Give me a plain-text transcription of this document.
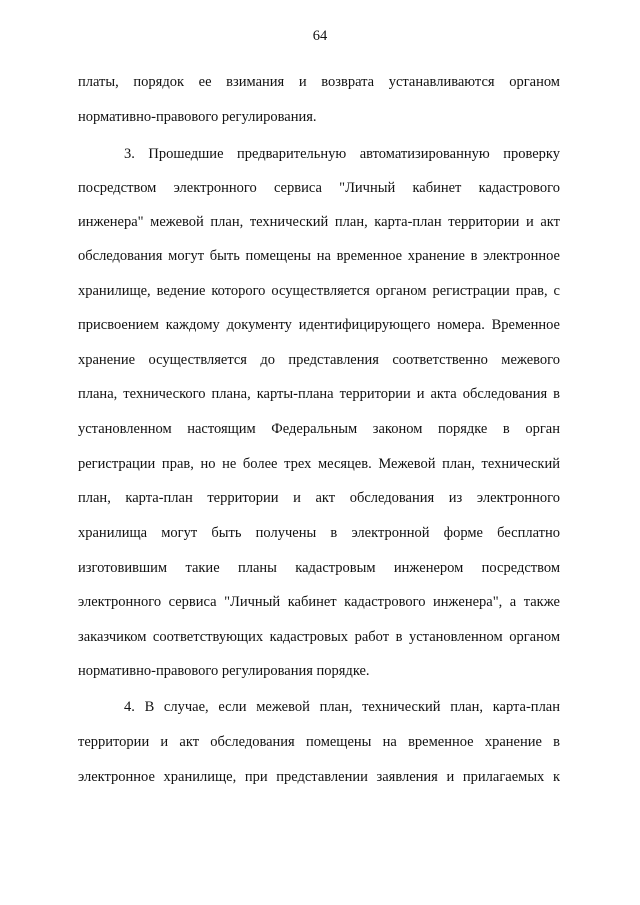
64
платы, порядок ее взимания и возврата устанавливаются органом
нормативно-правового регулирования.
3. Прошедшие предварительную автоматизированную проверку
посредством электронного сервиса "Личный кабинет кадастрового
инженера" межевой план, технический план, карта-план территории и акт
обследования могут быть помещены на временное хранение в электронное
хранилище, ведение которого осуществляется органом регистрации прав, с
присвоением каждому документу идентифицирующего номера. Временное
хранение осуществляется до представления соответственно межевого
плана, технического плана, карты-плана территории и акта обследования в
установленном настоящим Федеральным законом порядке в орган
регистрации прав, но не более трех месяцев. Межевой план, технический
план, карта-план территории и акт обследования из электронного
хранилища могут быть получены в электронной форме бесплатно
изготовившим такие планы кадастровым инженером посредством
электронного сервиса "Личный кабинет кадастрового инженера", а также
заказчиком соответствующих кадастровых работ в установленном органом
нормативно-правового регулирования порядке.
4. В случае, если межевой план, технический план, карта-план
территории и акт обследования помещены на временное хранение в
электронное хранилище, при представлении заявления и прилагаемых к
